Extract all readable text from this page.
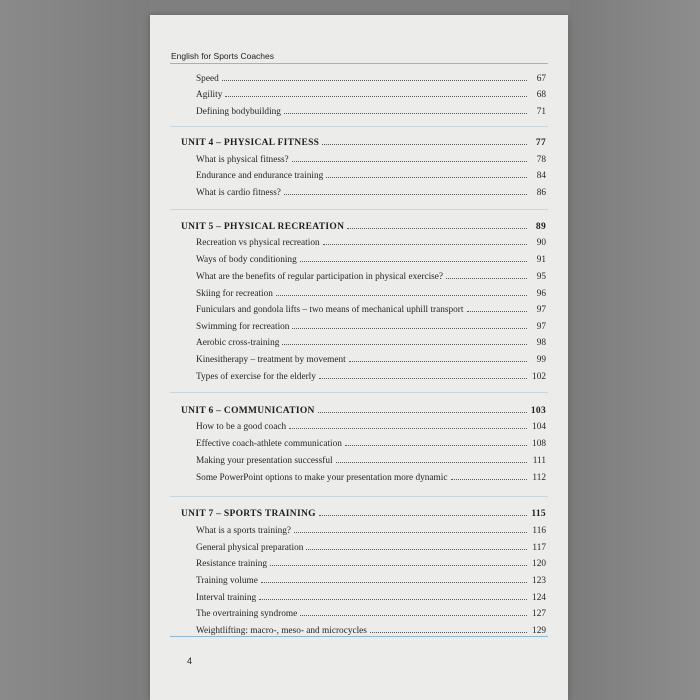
English for Sports Coaches
Speed	67
Agility	68
Defining bodybuilding	71
UNIT 4 – PHYSICAL FITNESS	77
What is physical fitness?	78
Endurance and endurance training	84
What is cardio fitness?	86
UNIT 5 – PHYSICAL RECREATION	89
Recreation vs physical recreation	90
Ways of body conditioning	91
What are the benefits of regular participation in physical exercise?	95
Skiing for recreation	96
Funiculars and gondola lifts – two means of mechanical uphill transport	97
Swimming for recreation	97
Aerobic cross-training	98
Kinesitherapy – treatment by movement	99
Types of exercise for the elderly	102
UNIT 6 – COMMUNICATION	103
How to be a good coach	104
Effective coach-athlete communication	108
Making your presentation successful	111
Some PowerPoint options to make your presentation more dynamic	112
UNIT 7 – SPORTS TRAINING	115
What is a sports training?	116
General physical preparation	117
Resistance training	120
Training volume	123
Interval training	124
The overtraining syndrome	127
Weightlifting: macro-, meso- and microcycles	129
4
